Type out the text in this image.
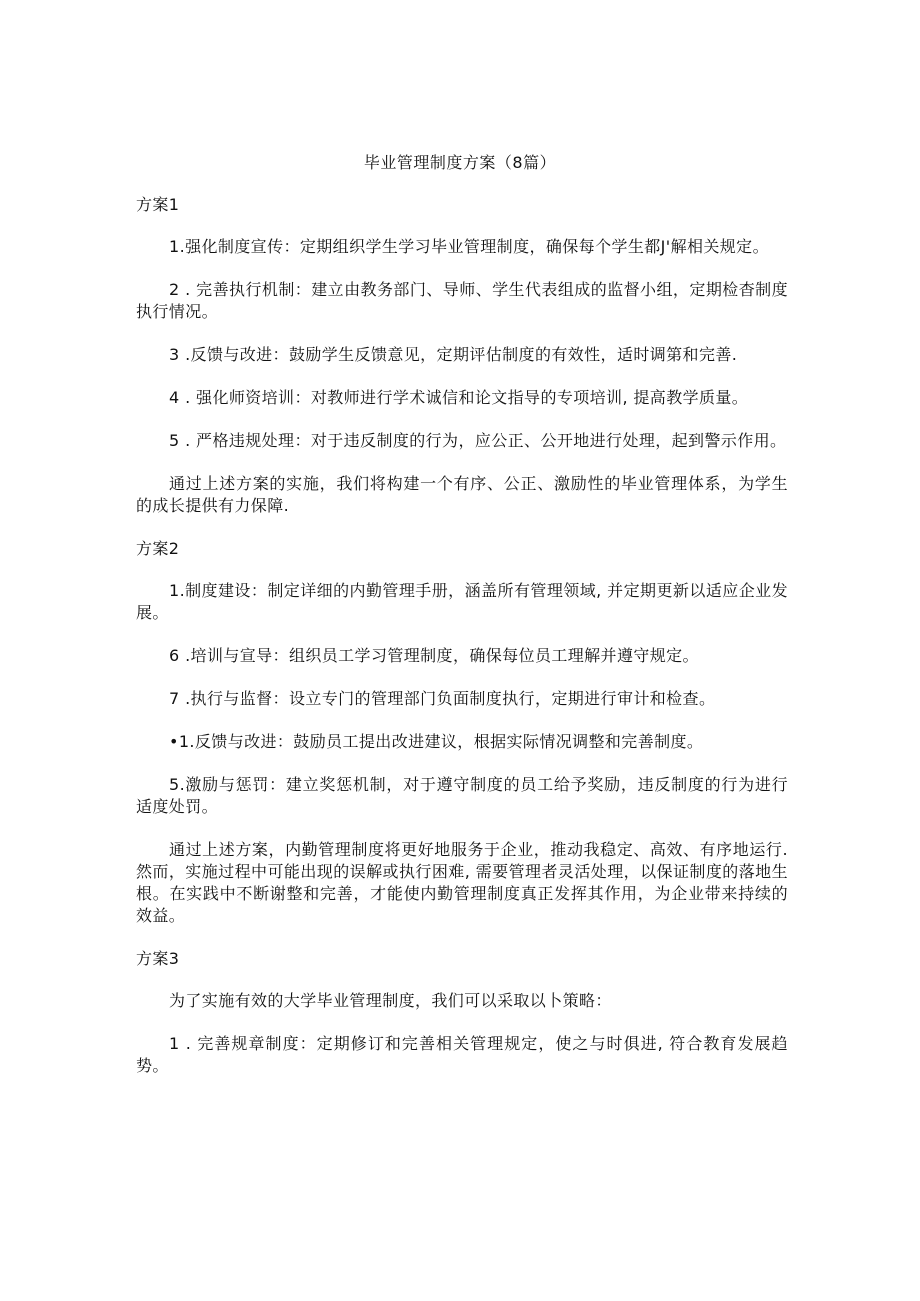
毕业管理制度方案（8篇）
方案1
1.强化制度宣传：定期组织学生学习毕业管理制度，确保每个学生都J'解相关规定。
2 . 完善执行机制：建立由教务部门、导师、学生代表组成的监督小组，定期检杳制度执行情况。
3 .反馈与改进：鼓励学生反馈意见，定期评估制度的有效性，适时调第和完善.
4 . 强化师资培训：对教师进行学术诚信和论文指导的专项培训, 提高教学质量。
5 . 严格违规处理：对于违反制度的行为，应公正、公开地进行处理，起到警示作用。
通过上述方案的实施，我们将构建一个有序、公正、激励性的毕业管理体系，为学生的成长提供有力保障.
方案2
1.制度建设：制定详细的内勤管理手册，涵盖所有管理领域, 并定期更新以适应企业发展。
6 .培训与宣导：组织员工学习管理制度，确保每位员工理解并遵守规定。
7 .执行与监督：设立专门的管理部门负面制度执行，定期进行审计和检查。
•1.反馈与改进：鼓励员工提出改进建议，根据实际情况调整和完善制度。
5.激励与惩罚：建立奖惩机制，对于遵守制度的员工给予奖励，违反制度的行为进行适度处罚。
通过上述方案，内勤管理制度将更好地服务于企业，推动我稳定、高效、有序地运行. 然而，实施过程中可能出现的误解或执行困难, 需要管理者灵活处理，以保证制度的落地生根。在实践中不断谢整和完善，才能使内勤管理制度真正发挥其作用，为企业带来持续的效益。
方案3
为了实施有效的大学毕业管理制度，我们可以采取以卜策略：
1 . 完善规章制度：定期修订和完善相关管理规定，使之与时俱进, 符合教育发展趋势。
